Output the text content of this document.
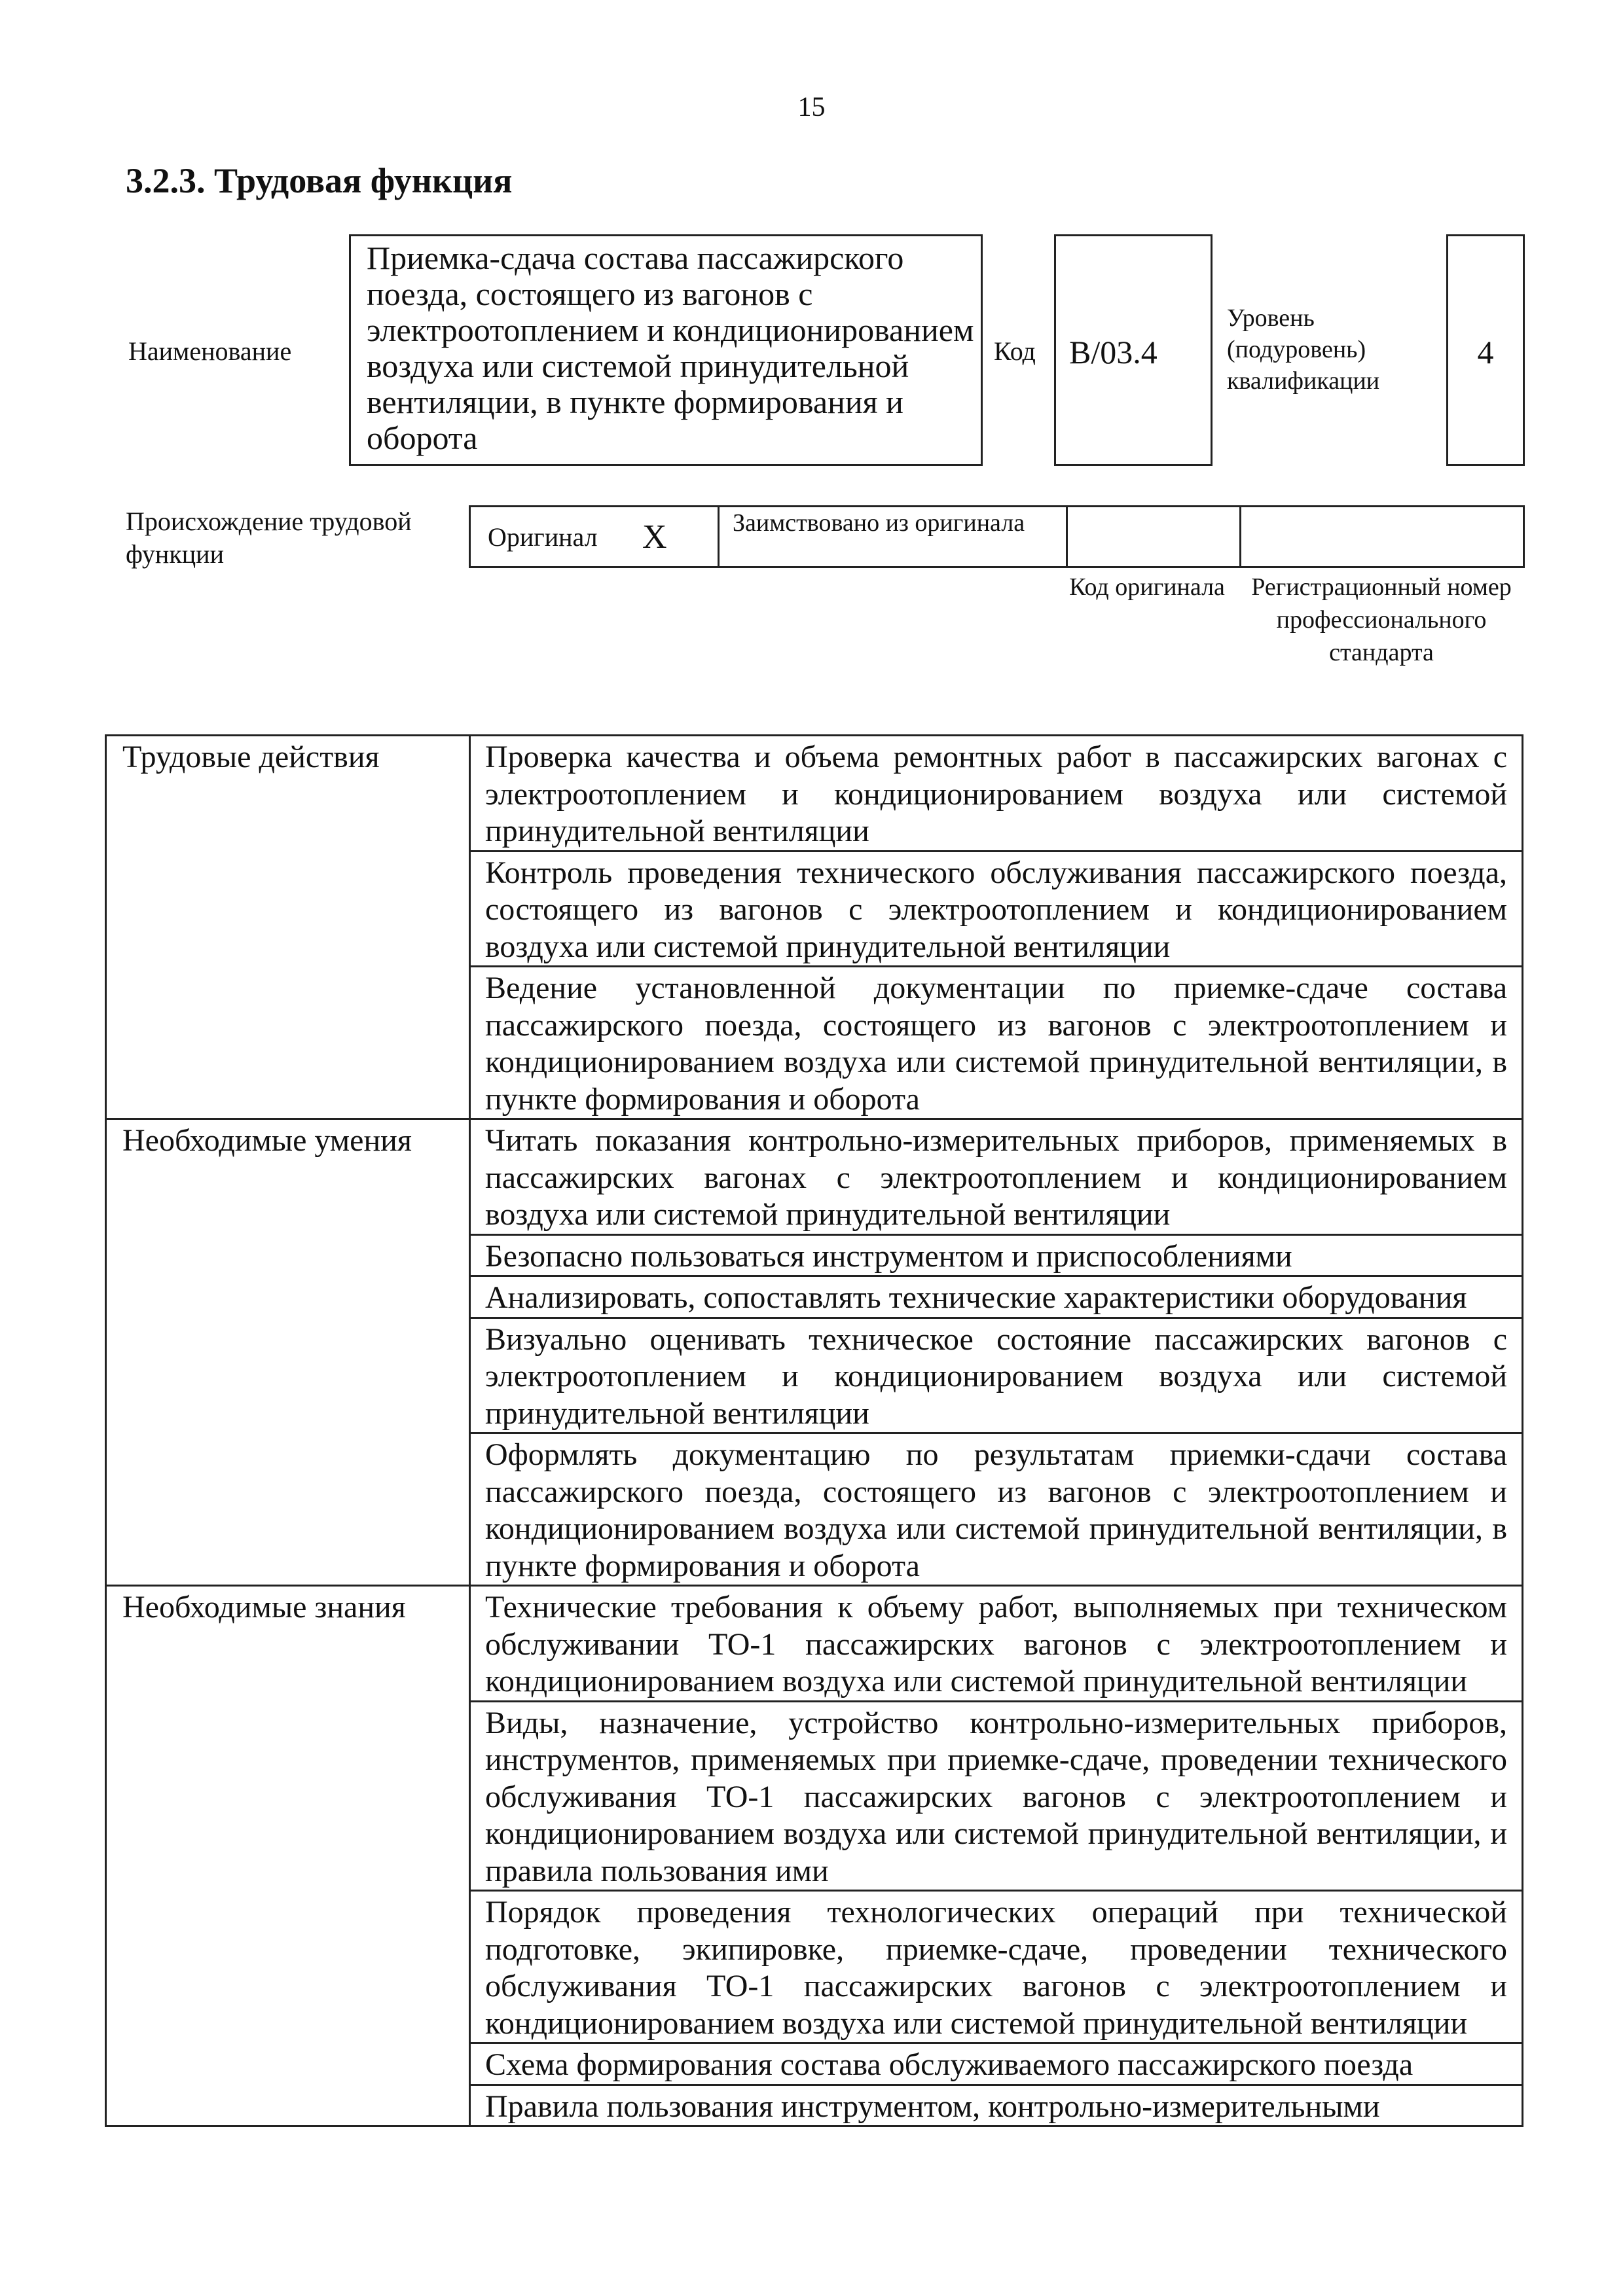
15
3.2.3. Трудовая функция
Наименование
Приемка-сдача состава пассажирского поезда, состоящего из вагонов с электроотоплением и кондиционированием воздуха или системой принудительной вентиляции, в пункте формирования и оборота
Код B/03.4
Уровень (подуровень) квалификации
4
Происхождение трудовой функции
Оригинал X	Заимствовано из оригинала
Код оригинала Регистрационный номер профессионального стандарта
Трудовые действия	Проверка качества и объема ремонтных работ в пассажирских вагонах с электроотоплением и кондиционированием воздуха или системой принудительной вентиляции
	Контроль проведения технического обслуживания пассажирского поезда, состоящего из вагонов с электроотоплением и кондиционированием воздуха или системой принудительной вентиляции
	Ведение установленной документации по приемке-сдаче состава пассажирского поезда, состоящего из вагонов с электроотоплением и кондиционированием воздуха или системой принудительной вентиляции, в пункте формирования и оборота
Необходимые умения	Читать показания контрольно-измерительных приборов, применяемых в пассажирских вагонах с электроотоплением и кондиционированием воздуха или системой принудительной вентиляции
	Безопасно пользоваться инструментом и приспособлениями
	Анализировать, сопоставлять технические характеристики оборудования
	Визуально оценивать техническое состояние пассажирских вагонов с электроотоплением и кондиционированием воздуха или системой принудительной вентиляции
	Оформлять документацию по результатам приемки-сдачи состава пассажирского поезда, состоящего из вагонов с электроотоплением и кондиционированием воздуха или системой принудительной вентиляции, в пункте формирования и оборота
Необходимые знания	Технические требования к объему работ, выполняемых при техническом обслуживании ТО-1 пассажирских вагонов с электроотоплением и кондиционированием воздуха или системой принудительной вентиляции
	Виды, назначение, устройство контрольно-измерительных приборов, инструментов, применяемых при приемке-сдаче, проведении технического обслуживания ТО-1 пассажирских вагонов с электроотоплением и кондиционированием воздуха или системой принудительной вентиляции, и правила пользования ими
	Порядок проведения технологических операций при технической подготовке, экипировке, приемке-сдаче, проведении технического обслуживания ТО-1 пассажирских вагонов с электроотоплением и кондиционированием воздуха или системой принудительной вентиляции
	Схема формирования состава обслуживаемого пассажирского поезда
	Правила пользования инструментом, контрольно-измерительными
